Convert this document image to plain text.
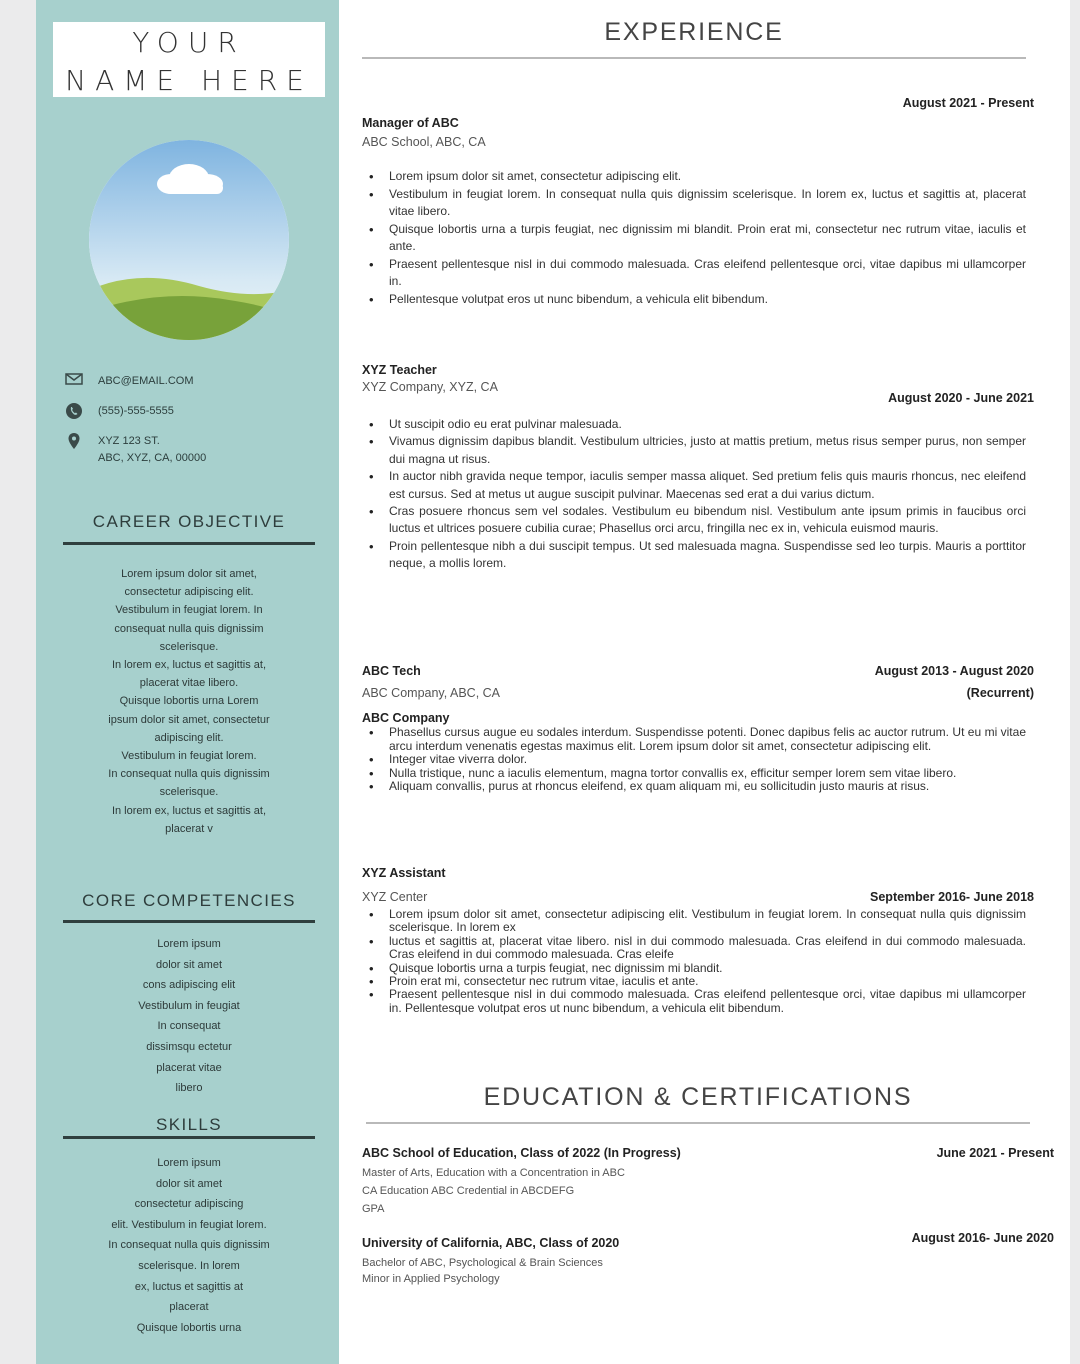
YOUR
NAME HERE
ABC@EMAIL.COM
(555)-555-5555
XYZ 123 ST.
ABC, XYZ, CA, 00000
CAREER OBJECTIVE
Lorem ipsum dolor sit amet,
consectetur adipiscing elit.
Vestibulum in feugiat lorem. In
consequat nulla quis dignissim
scelerisque.
In lorem ex, luctus et sagittis at,
placerat vitae libero.
Quisque lobortis urna Lorem
ipsum dolor sit amet, consectetur
adipiscing elit.
Vestibulum in feugiat lorem.
In consequat nulla quis dignissim
scelerisque.
In lorem ex, luctus et sagittis at,
placerat v
CORE COMPETENCIES
Lorem ipsum
dolor sit amet
cons adipiscing elit
Vestibulum in feugiat
In consequat
dissimsqu ectetur
placerat vitae
libero
SKILLS
Lorem ipsum
dolor sit amet
consectetur adipiscing
elit. Vestibulum in feugiat lorem.
In consequat nulla quis dignissim
scelerisque. In lorem
ex, luctus et sagittis at
placerat
Quisque lobortis urna
EXPERIENCE
August 2021 - Present
Manager of ABC
ABC School, ABC, CA
• Lorem ipsum dolor sit amet, consectetur adipiscing elit.
• Vestibulum in feugiat lorem. In consequat nulla quis dignissim scelerisque. In lorem ex, luctus et sagittis at, placerat vitae libero.
• Quisque lobortis urna a turpis feugiat, nec dignissim mi blandit. Proin erat mi, consectetur nec rutrum vitae, iaculis et ante.
• Praesent pellentesque nisl in dui commodo malesuada. Cras eleifend pellentesque orci, vitae dapibus mi ullamcorper in.
• Pellentesque volutpat eros ut nunc bibendum, a vehicula elit bibendum.
XYZ Teacher
XYZ Company, XYZ, CA
August 2020 - June 2021
• Ut suscipit odio eu erat pulvinar malesuada.
• Vivamus dignissim dapibus blandit. Vestibulum ultricies, justo at mattis pretium, metus risus semper purus, non semper dui magna ut risus.
• In auctor nibh gravida neque tempor, iaculis semper massa aliquet. Sed pretium felis quis mauris rhoncus, nec eleifend est cursus. Sed at metus ut augue suscipit pulvinar. Maecenas sed erat a dui varius dictum.
• Cras posuere rhoncus sem vel sodales. Vestibulum eu bibendum nisl. Vestibulum ante ipsum primis in faucibus orci luctus et ultrices posuere cubilia curae; Phasellus orci arcu, fringilla nec ex in, vehicula euismod mauris.
• Proin pellentesque nibh a dui suscipit tempus. Ut sed malesuada magna. Suspendisse sed leo turpis. Mauris a porttitor neque, a mollis lorem.
ABC Tech	August 2013 - August 2020
(Recurrent)
ABC Company, ABC, CA
ABC Company
• Phasellus cursus augue eu sodales interdum. Suspendisse potenti. Donec dapibus felis ac auctor rutrum. Ut eu mi vitae arcu interdum venenatis egestas maximus elit. Lorem ipsum dolor sit amet, consectetur adipiscing elit.
• Integer vitae viverra dolor.
• Nulla tristique, nunc a iaculis elementum, magna tortor convallis ex, efficitur semper lorem sem vitae libero.
• Aliquam convallis, purus at rhoncus eleifend, ex quam aliquam mi, eu sollicitudin justo mauris at risus.
XYZ Assistant
XYZ Center	September 2016- June 2018
• Lorem ipsum dolor sit amet, consectetur adipiscing elit. Vestibulum in feugiat lorem. In consequat nulla quis dignissim scelerisque. In lorem ex
• luctus et sagittis at, placerat vitae libero. nisl in dui commodo malesuada. Cras eleifend in dui commodo malesuada. Cras eleifend in dui commodo malesuada. Cras eleife
• Quisque lobortis urna a turpis feugiat, nec dignissim mi blandit.
• Proin erat mi, consectetur nec rutrum vitae, iaculis et ante.
• Praesent pellentesque nisl in dui commodo malesuada. Cras eleifend pellentesque orci, vitae dapibus mi ullamcorper in. Pellentesque volutpat eros ut nunc bibendum, a vehicula elit bibendum.
EDUCATION & CERTIFICATIONS
ABC School of Education, Class of 2022 (In Progress)	June 2021 - Present
Master of Arts, Education with a Concentration in ABC
CA Education ABC Credential in ABCDEFG
GPA
University of California, ABC, Class of 2020	August 2016- June 2020
Bachelor of ABC, Psychological & Brain Sciences
Minor in Applied Psychology
